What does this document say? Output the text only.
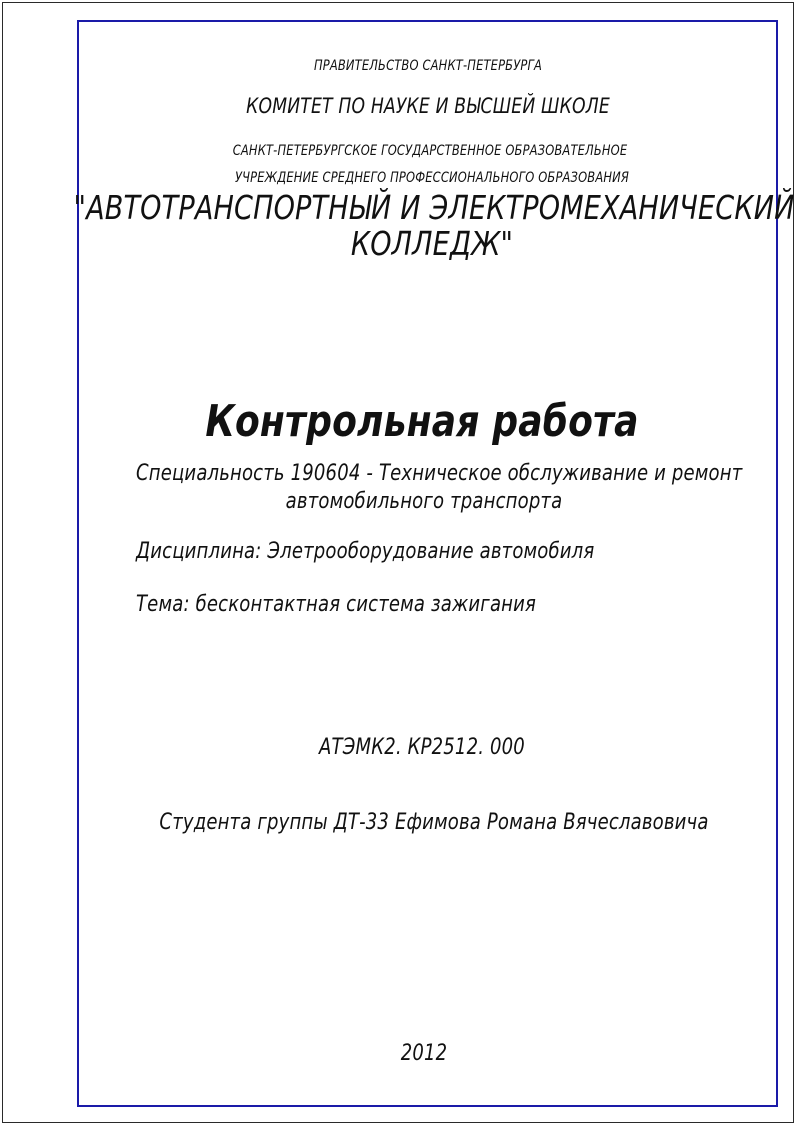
ПРАВИТЕЛЬСТВО САНКТ-ПЕТЕРБУРГА
КОМИТЕТ ПО НАУКЕ И ВЫСШЕЙ ШКОЛЕ
САНКТ-ПЕТЕРБУРГСКОЕ ГОСУДАРСТВЕННОЕ ОБРАЗОВАТЕЛЬНОЕ
УЧРЕЖДЕНИЕ СРЕДНЕГО ПРОФЕССИОНАЛЬНОГО ОБРАЗОВАНИЯ
"АВТОТРАНСПОРТНЫЙ И ЭЛЕКТРОМЕХАНИЧЕСКИЙ
КОЛЛЕДЖ"
Контрольная работа
Специальность 190604 - Техническое обслуживание и ремонт
автомобильного транспорта
Дисциплина: Элетрооборудование автомобиля
Тема: бесконтактная система зажигания
АТЭМК2. КР2512. 000
Студента группы ДТ-33 Ефимова Романа Вячеславовича
2012
